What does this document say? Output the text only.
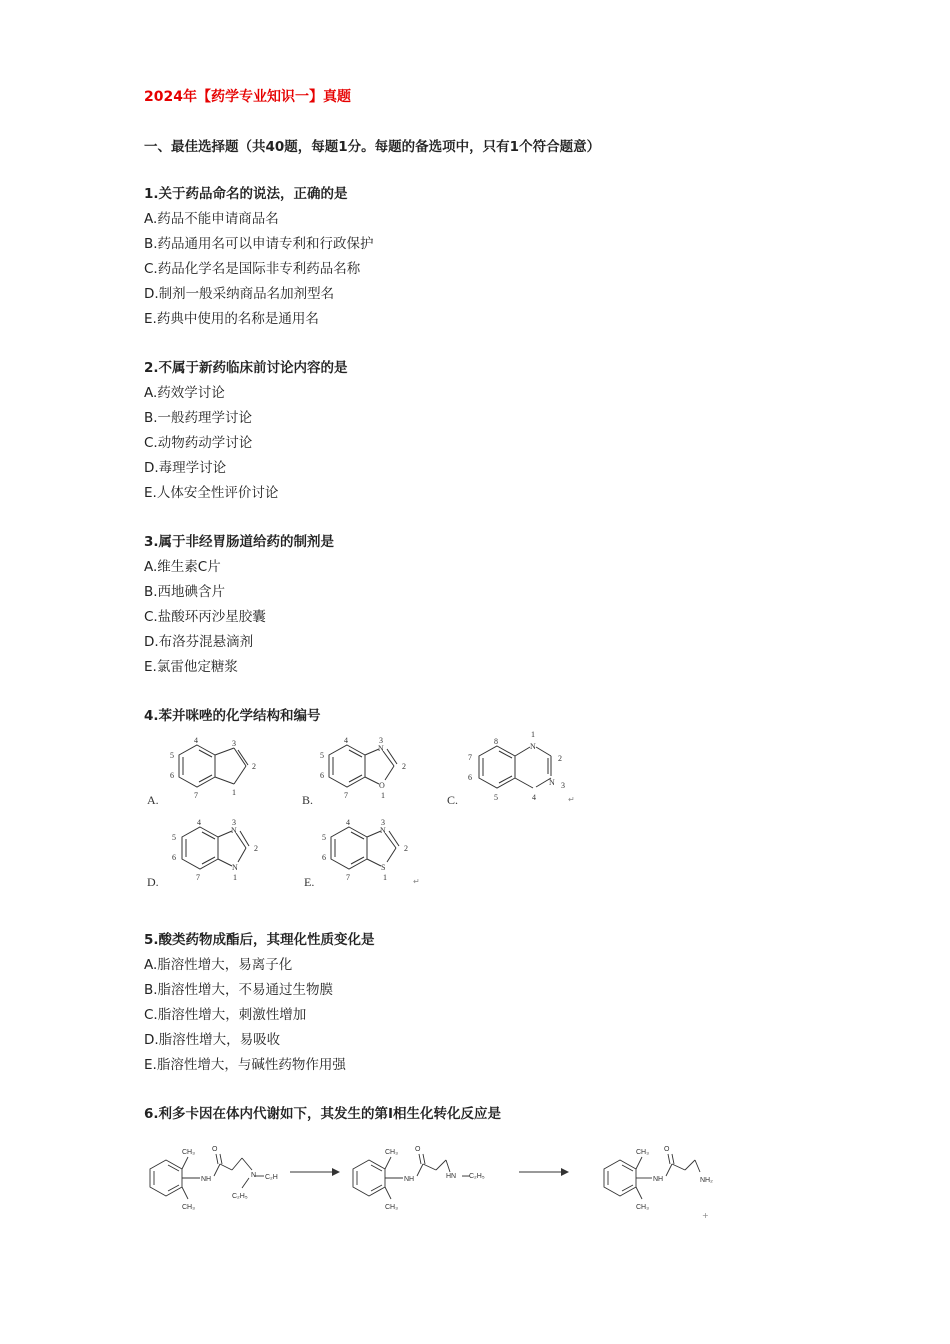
2024年【药学专业知识一】真题
一、最佳选择题（共40题，每题1分。每题的备选项中，只有1个符合题意）
1.关于药品命名的说法，正确的是
A.药品不能申请商品名
B.药品通用名可以申请专利和行政保护
C.药品化学名是国际非专利药品名称
D.制剂一般采纳商品名加剂型名
E.药典中使用的名称是通用名
2.不属于新药临床前讨论内容的是
A.药效学讨论
B.一般药理学讨论
C.动物药动学讨论
D.毒理学讨论
E.人体安全性评价讨论
3.属于非经胃肠道给药的制剂是
A.维生素C片
B.西地碘含片
C.盐酸环丙沙星胶囊
D.布洛芬混悬滴剂
E.氯雷他定糖浆
4.苯并咪唑的化学结构和编号
4	3
2
1
7
6
5
A.
N
O
4	3
2
1
7
6
5
B.
N
N
1
2
3
4
5
6
7
8
C.	↵
N
N
4	3
2
1
7
6
5
D.
N
S
4	3
2
1
7
6
5
E.	↵
5.酸类药物成酯后，其理化性质变化是
A.脂溶性增大，易离子化
B.脂溶性增大，不易通过生物膜
C.脂溶性增大，刺激性增加
D.脂溶性增大，易吸收
E.脂溶性增大，与碱性药物作用强
6.利多卡因在体内代谢如下，其发生的第I相生化转化反应是
CH₃
CH₃
NH
O
N C₂H
C₂H₅
CH₃
CH₃
NH
O
HN —C₂H₅
CH₃
CH₃
NH
O
NH₂
+
